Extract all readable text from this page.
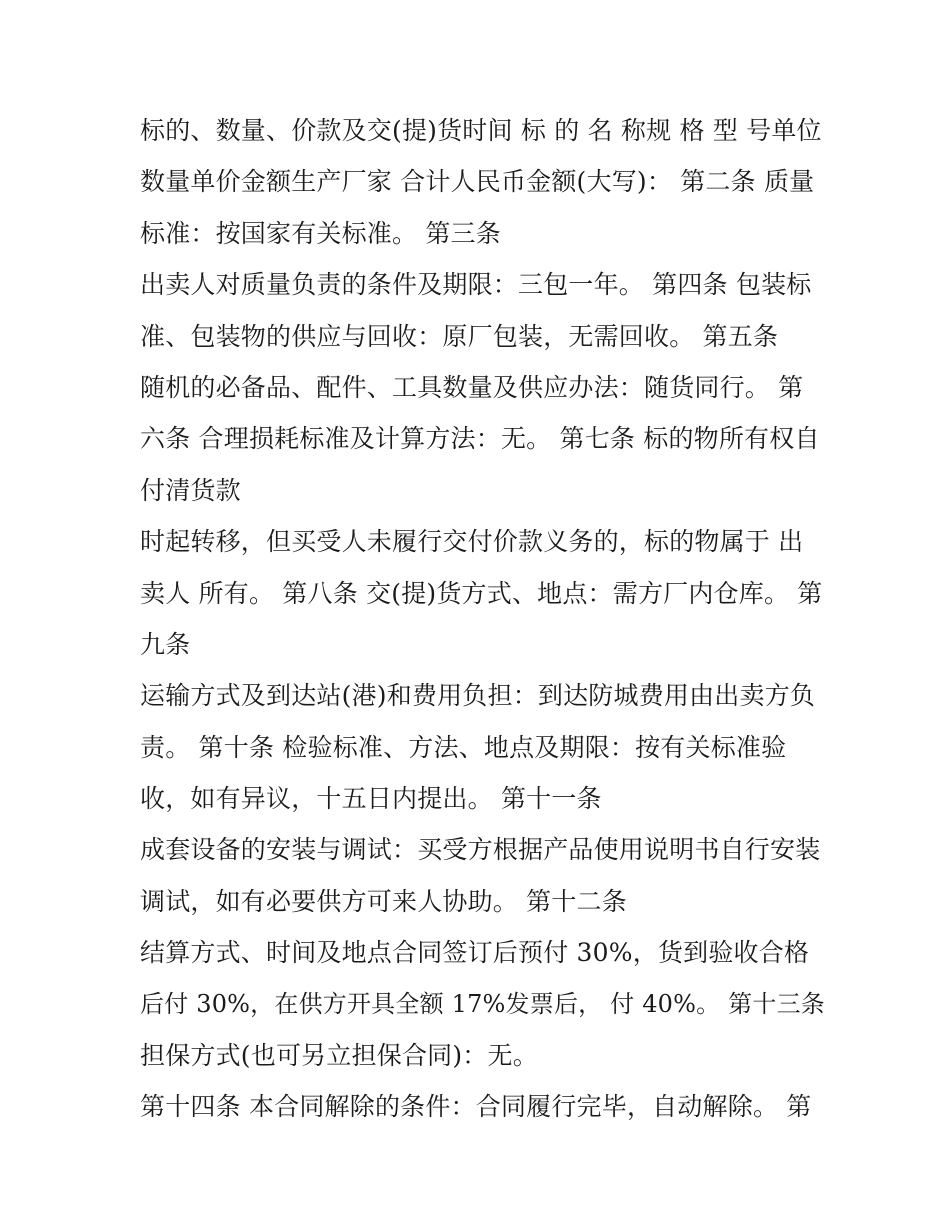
标的、数量、价款及交(提)货时间 标 的 名 称规 格 型 号单位
数量单价金额生产厂家 合计人民币金额(大写)： 第二条 质量
标准：按国家有关标准。 第三条
出卖人对质量负责的条件及期限：三包一年。 第四条 包装标
准、包装物的供应与回收：原厂包装，无需回收。 第五条
随机的必备品、配件、工具数量及供应办法：随货同行。 第
六条 合理损耗标准及计算方法：无。 第七条 标的物所有权自
付清货款
时起转移，但买受人未履行交付价款义务的，标的物属于 出
卖人 所有。 第八条 交(提)货方式、地点：需方厂内仓库。 第
九条
运输方式及到达站(港)和费用负担：到达防城费用由出卖方负
责。 第十条 检验标准、方法、地点及期限：按有关标准验
收，如有异议，十五日内提出。 第十一条
成套设备的安装与调试：买受方根据产品使用说明书自行安装
调试，如有必要供方可来人协助。 第十二条
结算方式、时间及地点合同签订后预付 30%，货到验收合格
后付 30%，在供方开具全额 17%发票后， 付 40%。 第十三条
担保方式(也可另立担保合同)：无。
第十四条 本合同解除的条件：合同履行完毕，自动解除。 第
